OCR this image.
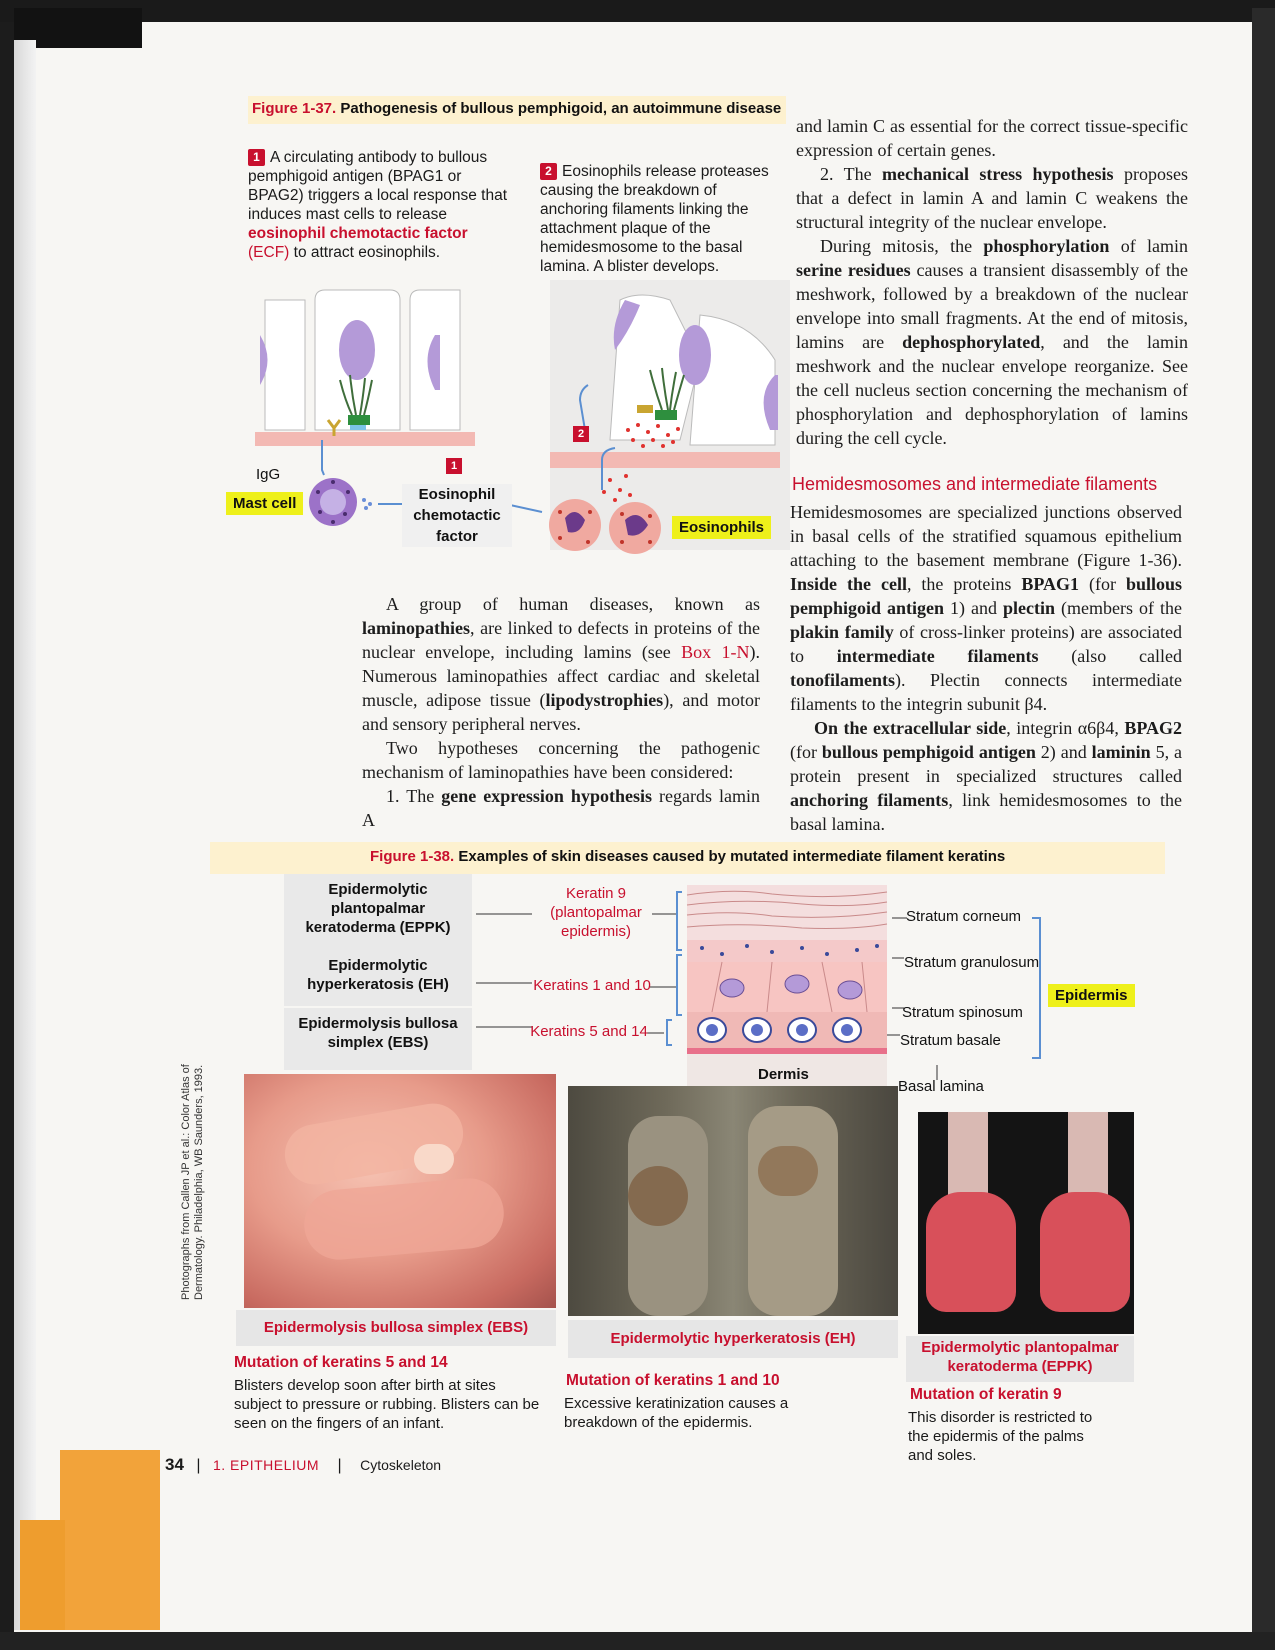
Figure 1-37. Pathogenesis of bullous pemphigoid, an autoimmune disease
1 A circulating antibody to bullous pemphigoid antigen (BPAG1 or BPAG2) triggers a local response that induces mast cells to release eosinophil chemotactic factor (ECF) to attract eosinophils.
2 Eosinophils release proteases causing the breakdown of anchoring filaments linking the attachment plaque of the hemidesmosome to the basal lamina. A blister develops.
IgG
Mast cell
1
Eosinophil
chemotactic
factor
2
Eosinophils

A group of human diseases, known as laminopathies, are linked to defects in proteins of the nuclear envelope, including lamins (see Box 1-N). Numerous laminopathies affect cardiac and skeletal muscle, adipose tissue (lipodystrophies), and motor and sensory peripheral nerves.

Two hypotheses concerning the pathogenic mechanism of laminopathies have been considered:

1. The gene expression hypothesis regards lamin A

and lamin C as essential for the correct tissue-specific expression of certain genes.

2. The mechanical stress hypothesis proposes that a defect in lamin A and lamin C weakens the structural integrity of the nuclear envelope.

During mitosis, the phosphorylation of lamin serine residues causes a transient disassembly of the meshwork, followed by a breakdown of the nuclear envelope into small fragments. At the end of mitosis, lamins are dephosphorylated, and the lamin meshwork and the nuclear envelope reorganize. See the cell nucleus section concerning the mechanism of phosphorylation and dephosphorylation of lamins during the cell cycle.

Hemidesmosomes and intermediate filaments

Hemidesmosomes are specialized junctions observed in basal cells of the stratified squamous epithelium attaching to the basement membrane (Figure 1-36). Inside the cell, the proteins BPAG1 (for bullous pemphigoid antigen 1) and plectin (members of the plakin family of cross-linker proteins) are associated to intermediate filaments (also called tonofilaments). Plectin connects intermediate filaments to the integrin subunit β4.

On the extracellular side, integrin α6β4, BPAG2 (for bullous pemphigoid antigen 2) and laminin 5, a protein present in specialized structures called anchoring filaments, link hemidesmosomes to the basal lamina.

Figure 1-38. Examples of skin diseases caused by mutated intermediate filament keratins
Epidermolytic plantopalmar keratoderma (EPPK)
Epidermolytic hyperkeratosis (EH)
Epidermolysis bullosa simplex (EBS)
Keratin 9 (plantopalmar epidermis)
Keratins 1 and 10
Keratins 5 and 14
Stratum corneum
Stratum granulosum
Stratum spinosum
Stratum basale
Dermis
Basal lamina
Epidermis
Epidermolysis bullosa simplex (EBS)
Epidermolytic hyperkeratosis (EH)
Epidermolytic plantopalmar keratoderma (EPPK)
Mutation of keratins 5 and 14
Blisters develop soon after birth at sites subject to pressure or rubbing. Blisters can be seen on the fingers of an infant.
Mutation of keratins 1 and 10
Excessive keratinization causes a breakdown of the epidermis.
Mutation of keratin 9
This disorder is restricted to the epidermis of the palms and soles.
Photographs from Callen JP et al.: Color Atlas of Dermatology. Philadelphia, WB Saunders, 1993.
34 | 1. EPITHELIUM | Cytoskeleton
